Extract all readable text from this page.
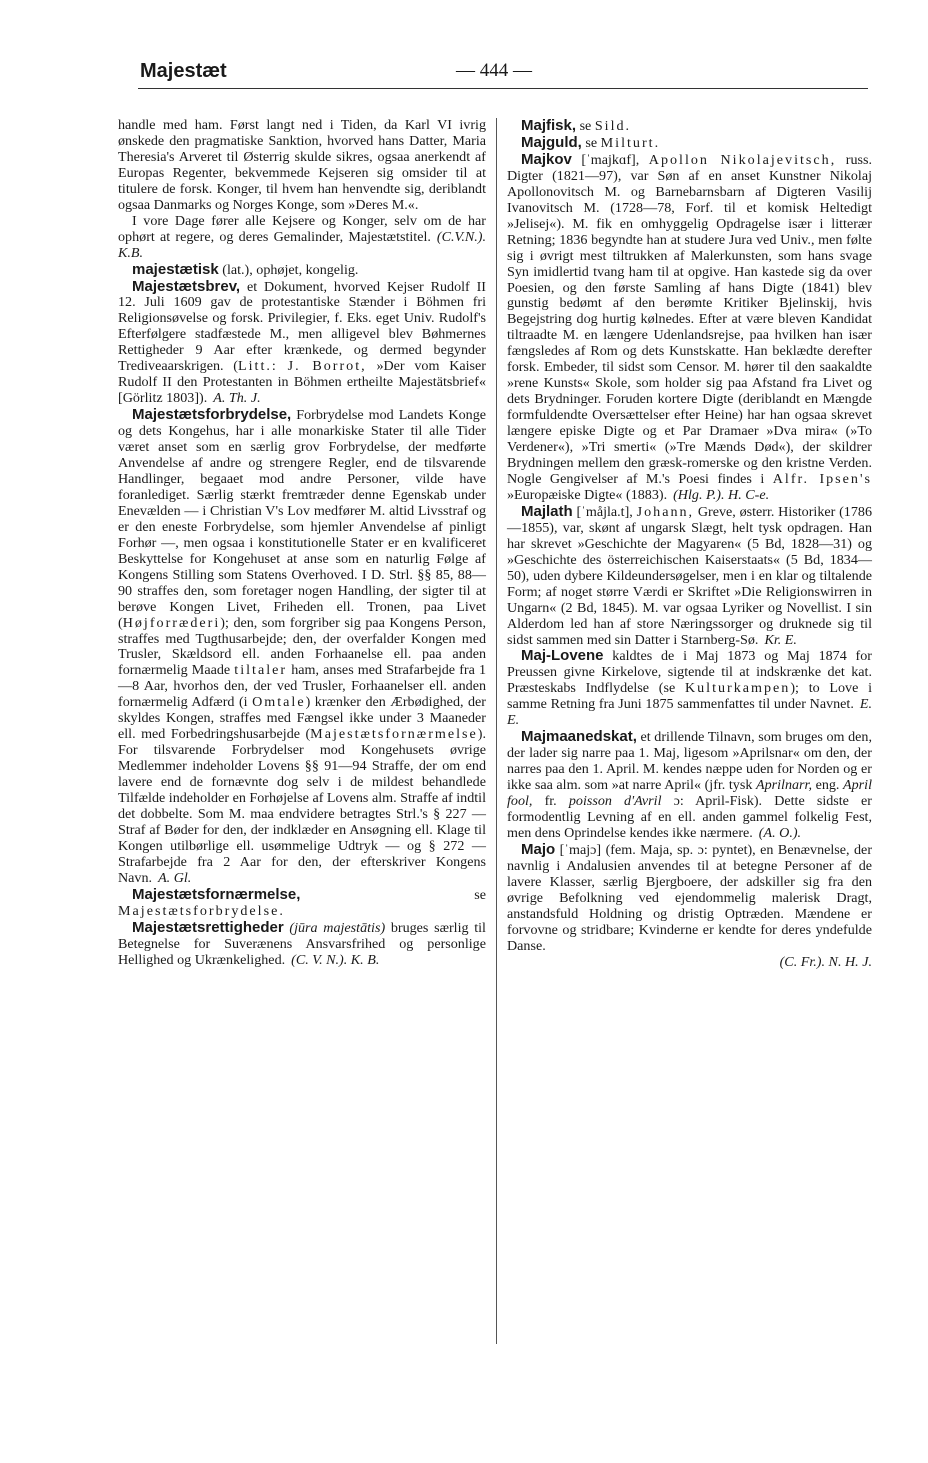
Majestæt	— 444 —

handle med ham. Først langt ned i Tiden, da Karl VI ivrig ønskede den pragmatiske Sanktion, hvorved hans Datter, Maria Theresia's Arveret til Østerrig skulde sikres, ogsaa anerkendt af Europas Regenter, bekvemmede Kejseren sig omsider til at titulere de forsk. Konger, til hvem han henvendte sig, deriblandt ogsaa Danmarks og Norges Konge, som »Deres M.«.

I vore Dage fører alle Kejsere og Konger, selv om de har ophørt at regere, og deres Gemalinder, Majestætstitel. (C.V.N.). K.B.

majestætisk (lat.), ophøjet, kongelig.

Majestætsbrev, et Dokument, hvorved Kejser Rudolf II 12. Juli 1609 gav de protestantiske Stænder i Böhmen fri Religionsøvelse og forsk. Privilegier, f. Eks. eget Univ. Rudolf's Efterfølgere stadfæstede M., men alligevel blev Bøhmernes Rettigheder 9 Aar efter krænkede, og dermed begynder Trediveaarskrigen. (Litt.: J. Borrot, »Der vom Kaiser Rudolf II den Protestanten in Böhmen ertheilte Majestätsbrief« [Görlitz 1803]). A. Th. J.

Majestætsforbrydelse, Forbrydelse mod Landets Konge og dets Kongehus, har i alle monarkiske Stater til alle Tider været anset som en særlig grov Forbrydelse, der medførte Anvendelse af andre og strengere Regler, end de tilsvarende Handlinger, begaaet mod andre Personer, vilde have foranlediget. Særlig stærkt fremtræder denne Egenskab under Enevælden — i Christian V's Lov medfører M. altid Livsstraf og er den eneste Forbrydelse, som hjemler Anvendelse af pinligt Forhør —, men ogsaa i konstitutionelle Stater er en kvalificeret Beskyttelse for Kongehuset at anse som en naturlig Følge af Kongens Stilling som Statens Overhoved. I D. Strl. §§ 85, 88—90 straffes den, som foretager nogen Handling, der sigter til at berøve Kongen Livet, Friheden ell. Tronen, paa Livet (Højforræderi); den, som forgriber sig paa Kongens Person, straffes med Tugthusarbejde; den, der overfalder Kongen med Trusler, Skældsord ell. anden Forhaanelse ell. paa anden fornærmelig Maade tiltaler ham, anses med Strafarbejde fra 1—8 Aar, hvorhos den, der ved Trusler, Forhaanelser ell. anden fornærmelig Adfærd (i Omtale) krænker den Ærbødighed, der skyldes Kongen, straffes med Fængsel ikke under 3 Maaneder ell. med Forbedringshusarbejde (Majestætsfornærmelse). For tilsvarende Forbrydelser mod Kongehusets øvrige Medlemmer indeholder Lovens §§ 91—94 Straffe, der om end lavere end de fornævnte dog selv i de mildest behandlede Tilfælde indeholder en Forhøjelse af Lovens alm. Straffe af indtil det dobbelte. Som M. maa endvidere betragtes Strl.'s § 227 — Straf af Bøder for den, der indklæder en Ansøgning ell. Klage til Kongen utilbørlige ell. usømmelige Udtryk — og § 272 — Strafarbejde fra 2 Aar for den, der efterskriver Kongens Navn. A. Gl.

Majestætsfornærmelse,	se Majestætsforbrydelse.

Majestætsrettigheder (jūra majestātis) bruges særlig til Betegnelse for Suverænens Ansvarsfrihed og personlige Hellighed og Ukrænkelighed. (C. V. N.). K. B.

Majfisk, se Sild.

Majguld, se Milturt.

Majkov [ˈmajkɑf], Apollon Nikolajevitsch, russ. Digter (1821—97), var Søn af en anset Kunstner Nikolaj Apollonovitsch M. og Barnebarnsbarn af Digteren Vasilij Ivanovitsch M. (1728—78, Forf. til et komisk Heltedigt »Jelisej«). M. fik en omhyggelig Opdragelse især i litterær Retning; 1836 begyndte han at studere Jura ved Univ., men følte sig i øvrigt mest tiltrukken af Malerkunsten, som hans svage Syn imidlertid tvang ham til at opgive. Han kastede sig da over Poesien, og den første Samling af hans Digte (1841) blev gunstig bedømt af den berømte Kritiker Bjelinskij, hvis Begejstring dog hurtig kølnedes. Efter at være bleven Kandidat tiltraadte M. en længere Udenlandsrejse, paa hvilken han især fængsledes af Rom og dets Kunstskatte. Han beklædte derefter forsk. Embeder, til sidst som Censor. M. hører til den saakaldte »rene Kunsts« Skole, som holder sig paa Afstand fra Livet og dets Brydninger. Foruden kortere Digte (deriblandt en Mængde formfuldendte Oversættelser efter Heine) har han ogsaa skrevet længere episke Digte og et Par Dramaer »Dva mira« (»To Verdener«), »Tri smerti« (»Tre Mænds Død«), der skildrer Brydningen mellem den græsk-romerske og den kristne Verden. Nogle Gengivelser af M.'s Poesi findes i Alfr. Ipsen's »Europæiske Digte« (1883). (Hlg. P.). H. C-e.

Majlath [ˈmåjla.t], Johann, Greve, østerr. Historiker (1786—1855), var, skønt af ungarsk Slægt, helt tysk opdragen. Han har skrevet »Geschichte der Magyaren« (5 Bd, 1828—31) og »Geschichte des österreichischen Kaiserstaats« (5 Bd, 1834—50), uden dybere Kildeundersøgelser, men i en klar og tiltalende Form; af noget større Værdi er Skriftet »Die Religionswirren in Ungarn« (2 Bd, 1845). M. var ogsaa Lyriker og Novellist. I sin Alderdom led han af store Næringssorger og druknede sig til sidst sammen med sin Datter i Starnberg-Sø. Kr. E.

Maj-Lovene kaldtes de i Maj 1873 og Maj 1874 for Preussen givne Kirkelove, sigtende til at indskrænke det kat. Præsteskabs Indflydelse (se Kulturkampen); to Love i samme Retning fra Juni 1875 sammenfattes til under Navnet. E. E.

Majmaanedskat, et drillende Tilnavn, som bruges om den, der lader sig narre paa 1. Maj, ligesom »Aprilsnar« om den, der narres paa den 1. April. M. kendes næppe uden for Norden og er ikke saa alm. som »at narre April« (jfr. tysk Aprilnarr, eng. April fool, fr. poisson d'Avril ɔ: April-Fisk). Dette sidste er formodentlig Levning af en ell. anden gammel folkelig Fest, men dens Oprindelse kendes ikke nærmere. (A. O.).

Majo [ˈmajɔ] (fem. Maja, sp. ɔ: pyntet), en Benævnelse, der navnlig i Andalusien anvendes til at betegne Personer af de lavere Klasser, særlig Bjergboere, der adskiller sig fra den øvrige Befolkning ved ejendommelig malerisk Dragt, anstandsfuld Holdning og dristig Optræden. Mændene er forvovne og stridbare; Kvinderne er kendte for deres yndefulde Danse.
(C. Fr.). N. H. J.
